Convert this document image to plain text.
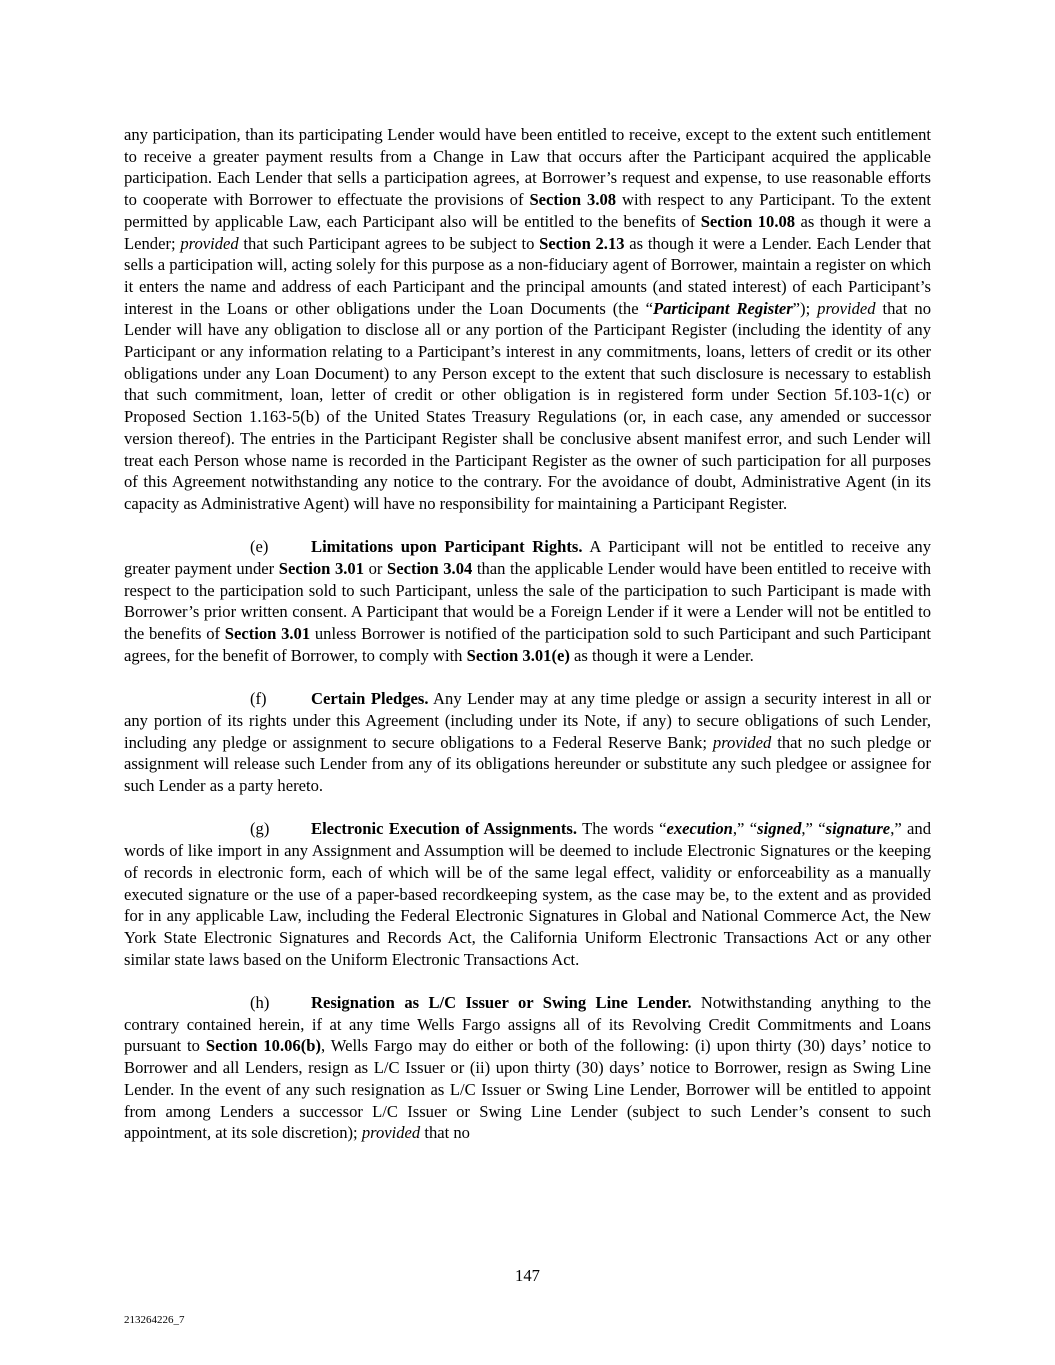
any participation, than its participating Lender would have been entitled to receive, except to the extent such entitlement to receive a greater payment results from a Change in Law that occurs after the Participant acquired the applicable participation. Each Lender that sells a participation agrees, at Borrower’s request and expense, to use reasonable efforts to cooperate with Borrower to effectuate the provisions of Section 3.08 with respect to any Participant. To the extent permitted by applicable Law, each Participant also will be entitled to the benefits of Section 10.08 as though it were a Lender; provided that such Participant agrees to be subject to Section 2.13 as though it were a Lender. Each Lender that sells a participation will, acting solely for this purpose as a non-fiduciary agent of Borrower, maintain a register on which it enters the name and address of each Participant and the principal amounts (and stated interest) of each Participant’s interest in the Loans or other obligations under the Loan Documents (the “Participant Register”); provided that no Lender will have any obligation to disclose all or any portion of the Participant Register (including the identity of any Participant or any information relating to a Participant’s interest in any commitments, loans, letters of credit or its other obligations under any Loan Document) to any Person except to the extent that such disclosure is necessary to establish that such commitment, loan, letter of credit or other obligation is in registered form under Section 5f.103-1(c) or Proposed Section 1.163-5(b) of the United States Treasury Regulations (or, in each case, any amended or successor version thereof). The entries in the Participant Register shall be conclusive absent manifest error, and such Lender will treat each Person whose name is recorded in the Participant Register as the owner of such participation for all purposes of this Agreement notwithstanding any notice to the contrary. For the avoidance of doubt, Administrative Agent (in its capacity as Administrative Agent) will have no responsibility for maintaining a Participant Register.

(e)	Limitations upon Participant Rights. A Participant will not be entitled to receive any greater payment under Section 3.01 or Section 3.04 than the applicable Lender would have been entitled to receive with respect to the participation sold to such Participant, unless the sale of the participation to such Participant is made with Borrower’s prior written consent. A Participant that would be a Foreign Lender if it were a Lender will not be entitled to the benefits of Section 3.01 unless Borrower is notified of the participation sold to such Participant and such Participant agrees, for the benefit of Borrower, to comply with Section 3.01(e) as though it were a Lender.

(f)	Certain Pledges. Any Lender may at any time pledge or assign a security interest in all or any portion of its rights under this Agreement (including under its Note, if any) to secure obligations of such Lender, including any pledge or assignment to secure obligations to a Federal Reserve Bank; provided that no such pledge or assignment will release such Lender from any of its obligations hereunder or substitute any such pledgee or assignee for such Lender as a party hereto.

(g)	Electronic Execution of Assignments. The words “execution,” “signed,” “signature,” and words of like import in any Assignment and Assumption will be deemed to include Electronic Signatures or the keeping of records in electronic form, each of which will be of the same legal effect, validity or enforceability as a manually executed signature or the use of a paper-based recordkeeping system, as the case may be, to the extent and as provided for in any applicable Law, including the Federal Electronic Signatures in Global and National Commerce Act, the New York State Electronic Signatures and Records Act, the California Uniform Electronic Transactions Act or any other similar state laws based on the Uniform Electronic Transactions Act.

(h)	Resignation as L/C Issuer or Swing Line Lender. Notwithstanding anything to the contrary contained herein, if at any time Wells Fargo assigns all of its Revolving Credit Commitments and Loans pursuant to Section 10.06(b), Wells Fargo may do either or both of the following: (i) upon thirty (30) days’ notice to Borrower and all Lenders, resign as L/C Issuer or (ii) upon thirty (30) days’ notice to Borrower, resign as Swing Line Lender. In the event of any such resignation as L/C Issuer or Swing Line Lender, Borrower will be entitled to appoint from among Lenders a successor L/C Issuer or Swing Line Lender (subject to such Lender’s consent to such appointment, at its sole discretion); provided that no

147
213264226_7
